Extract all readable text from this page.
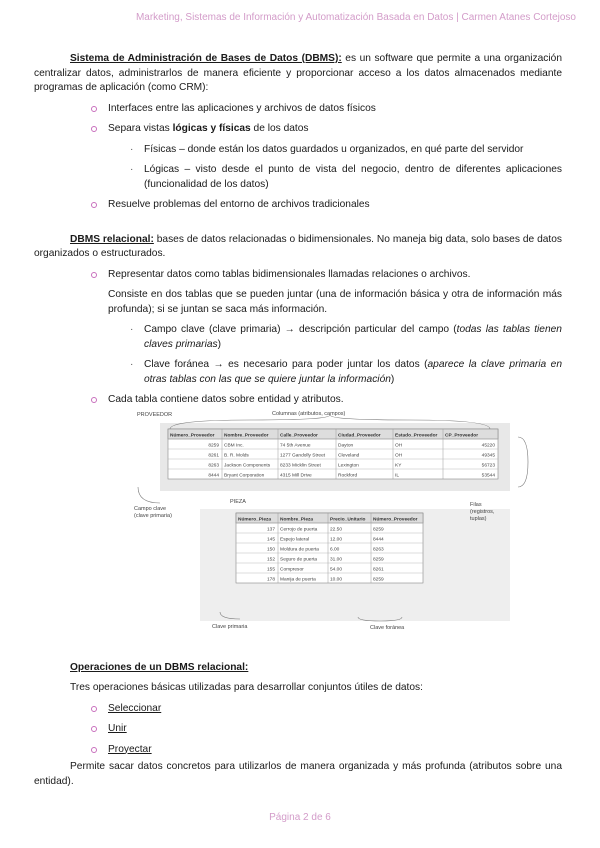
Marketing, Sistemas de Información y Automatización Basada en Datos | Carmen Atanes Cortejoso

Sistema de Administración de Bases de Datos (DBMS): es un software que permite a una organización centralizar datos, administrarlos de manera eficiente y proporcionar acceso a los datos almacenados mediante programas de aplicación (como CRM):

Interfaces entre las aplicaciones y archivos de datos físicos
Separa vistas lógicas y físicas de los datos
· Físicas – donde están los datos guardados u organizados, en qué parte del servidor
· Lógicas – visto desde el punto de vista del negocio, dentro de diferentes aplicaciones (funcionalidad de los datos)
Resuelve problemas del entorno de archivos tradicionales

DBMS relacional: bases de datos relacionadas o bidimensionales. No maneja big data, solo bases de datos organizados o estructurados.

Representar datos como tablas bidimensionales llamadas relaciones o archivos.

Consiste en dos tablas que se pueden juntar (una de información básica y otra de información más profunda); si se juntan se saca más información.

· Campo clave (clave primaria) → descripción particular del campo (todas las tablas tienen claves primarias)
· Clave foránea → es necesario para poder juntar los datos (aparece la clave primaria en otras tablas con las que se quiere juntar la información)
Cada tabla contiene datos sobre entidad y atributos.
PROVEEDOR	Columnas (atributos, campos)
Número_Proveedor Nombre_Proveedor Calle_Proveedor	Ciudad_Proveedor	Estado_Proveedor CP_Proveedor
8259 CBM Inc.	74 5th Avenue	Dayton	OH	45220
8261 B. R. Molds	1277 Gandolly Street	Cleveland	OH	49345
8263 Jackson Components 8233 Micklin Street	Lexington	KY	56723
8444 Bryant Corporation	4315 Mill Drive	Rockford	IL	53544
Campo clave
(clave primaria)
Filas
(registros,
tuplas)
PIEZA
Número_Pieza Nombre_Pieza	Precio_Unitario Número_Proveedor
137 Cerrojo de puerta	22.50	8259
145 Espejo lateral	12.00	8444
150 Moldura de puerta 6.00	8263
152 Seguro de puerta	31.00	8259
155 Compresor	54.00	8261
178 Manija de puerta	10.00	8259
Clave primaria	Clave foránea

Operaciones de un DBMS relacional:

Tres operaciones básicas utilizadas para desarrollar conjuntos útiles de datos:

Seleccionar
Unir
Proyectar

Permite sacar datos concretos para utilizarlos de manera organizada y más profunda (atributos sobre una entidad).

Página 2 de 6
